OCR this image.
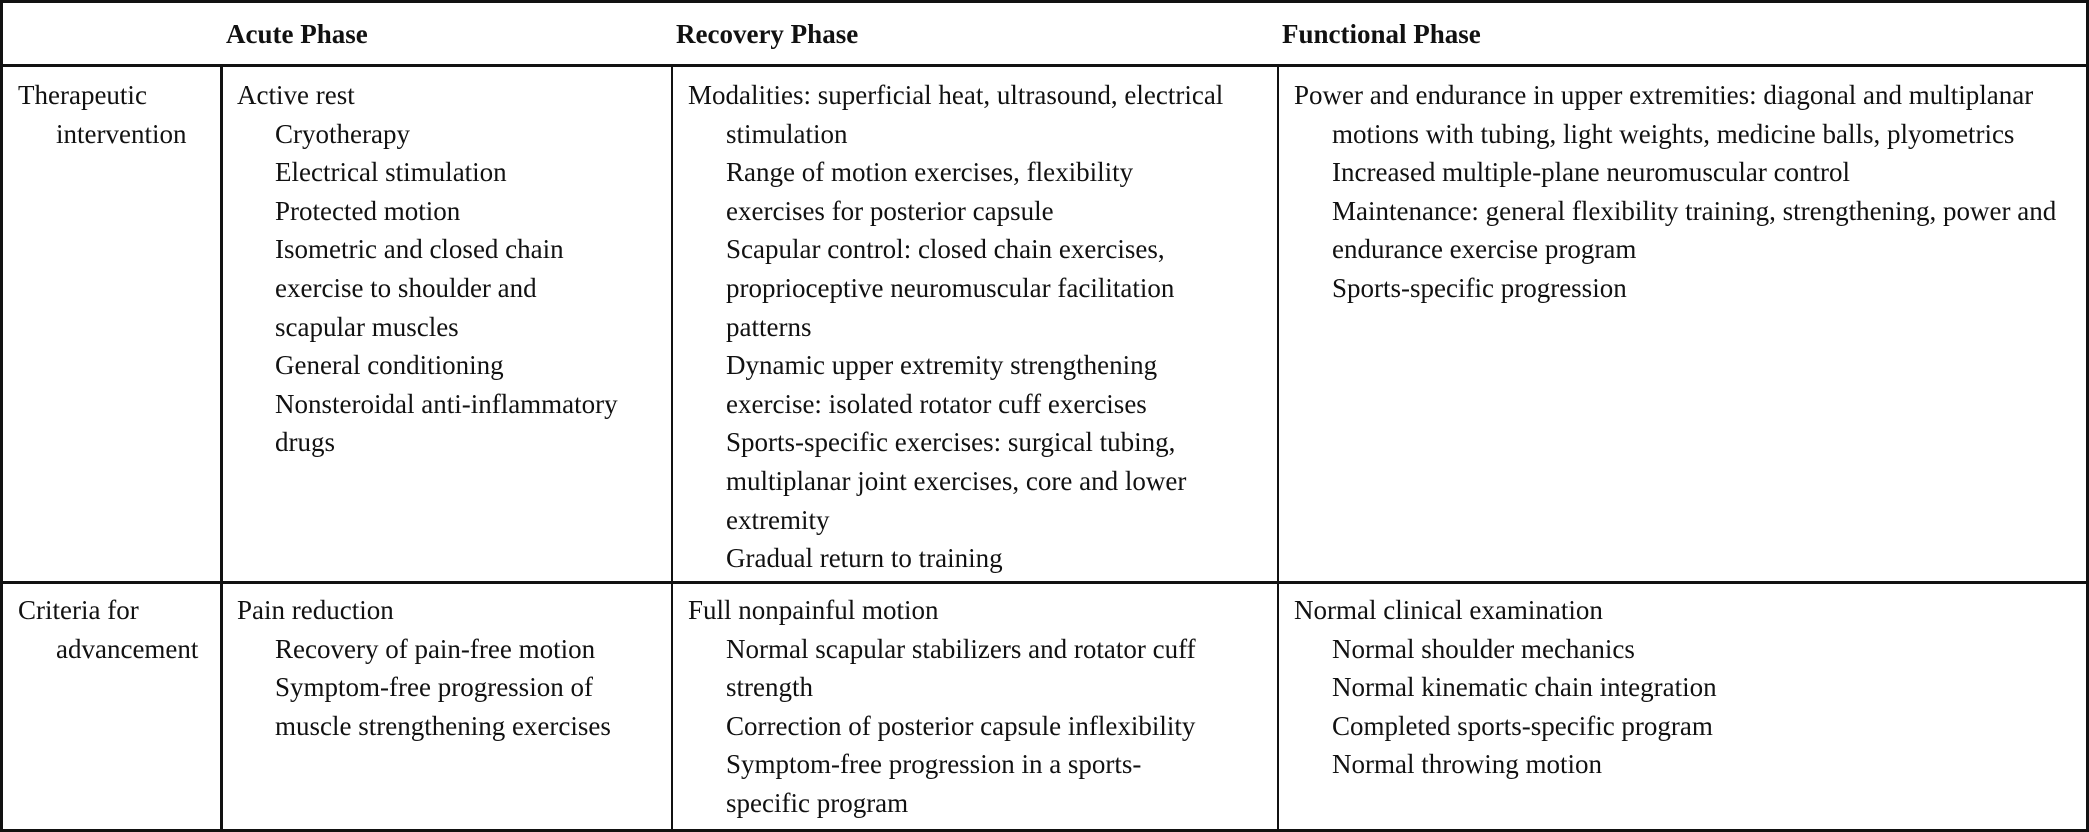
Acute Phase	Recovery Phase	Functional Phase
Therapeutic
intervention
Active rest
Cryotherapy
Electrical stimulation
Protected motion
Isometric and closed chain exercise to shoulder and scapular muscles
General conditioning
Nonsteroidal anti-inflammatory drugs
Modalities: superficial heat, ultrasound, electrical stimulation
Range of motion exercises, flexibility exercises for posterior capsule
Scapular control: closed chain exercises, proprioceptive neuromuscular facilitation patterns
Dynamic upper extremity strengthening exercise: isolated rotator cuff exercises
Sports-specific exercises: surgical tubing, multiplanar joint exercises, core and lower extremity
Gradual return to training
Power and endurance in upper extremities: diagonal and multiplanar motions with tubing, light weights, medicine balls, plyometrics
Increased multiple-plane neuromuscular control
Maintenance: general flexibility training, strengthening, power and endurance exercise program
Sports-specific progression
Criteria for
advancement
Pain reduction
Recovery of pain-free motion
Symptom-free progression of muscle strengthening exercises
Full nonpainful motion
Normal scapular stabilizers and rotator cuff strength
Correction of posterior capsule inflexibility
Symptom-free progression in a sports-specific program
Normal clinical examination
Normal shoulder mechanics
Normal kinematic chain integration
Completed sports-specific program
Normal throwing motion
